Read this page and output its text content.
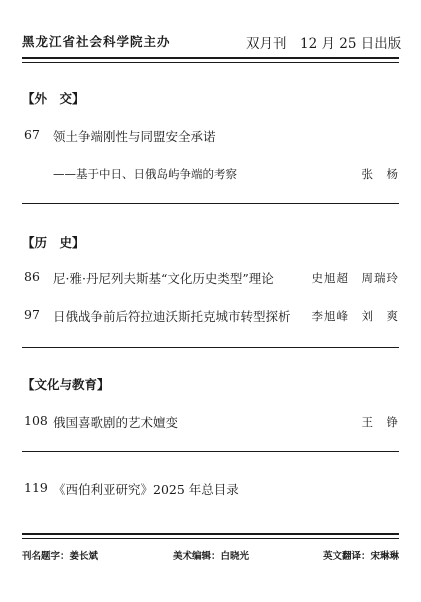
黑龙江省社会科学院主办	双月刊　12 月 25 日出版
【外　交】
67 领土争端刚性与同盟安全承诺
——基于中日、日俄岛屿争端的考察	张　杨
【历　史】
86 尼·雅·丹尼列夫斯基“文化历史类型”理论	史旭超　周瑞玲
97 日俄战争前后符拉迪沃斯托克城市转型探析 李旭峰　刘　爽
【文化与教育】
108 俄国喜歌剧的艺术嬗变	王　铮
119 《西伯利亚研究》2025 年总目录
刊名题字：姜长斌	美术编辑：白晓光	英文翻译：宋琳琳
